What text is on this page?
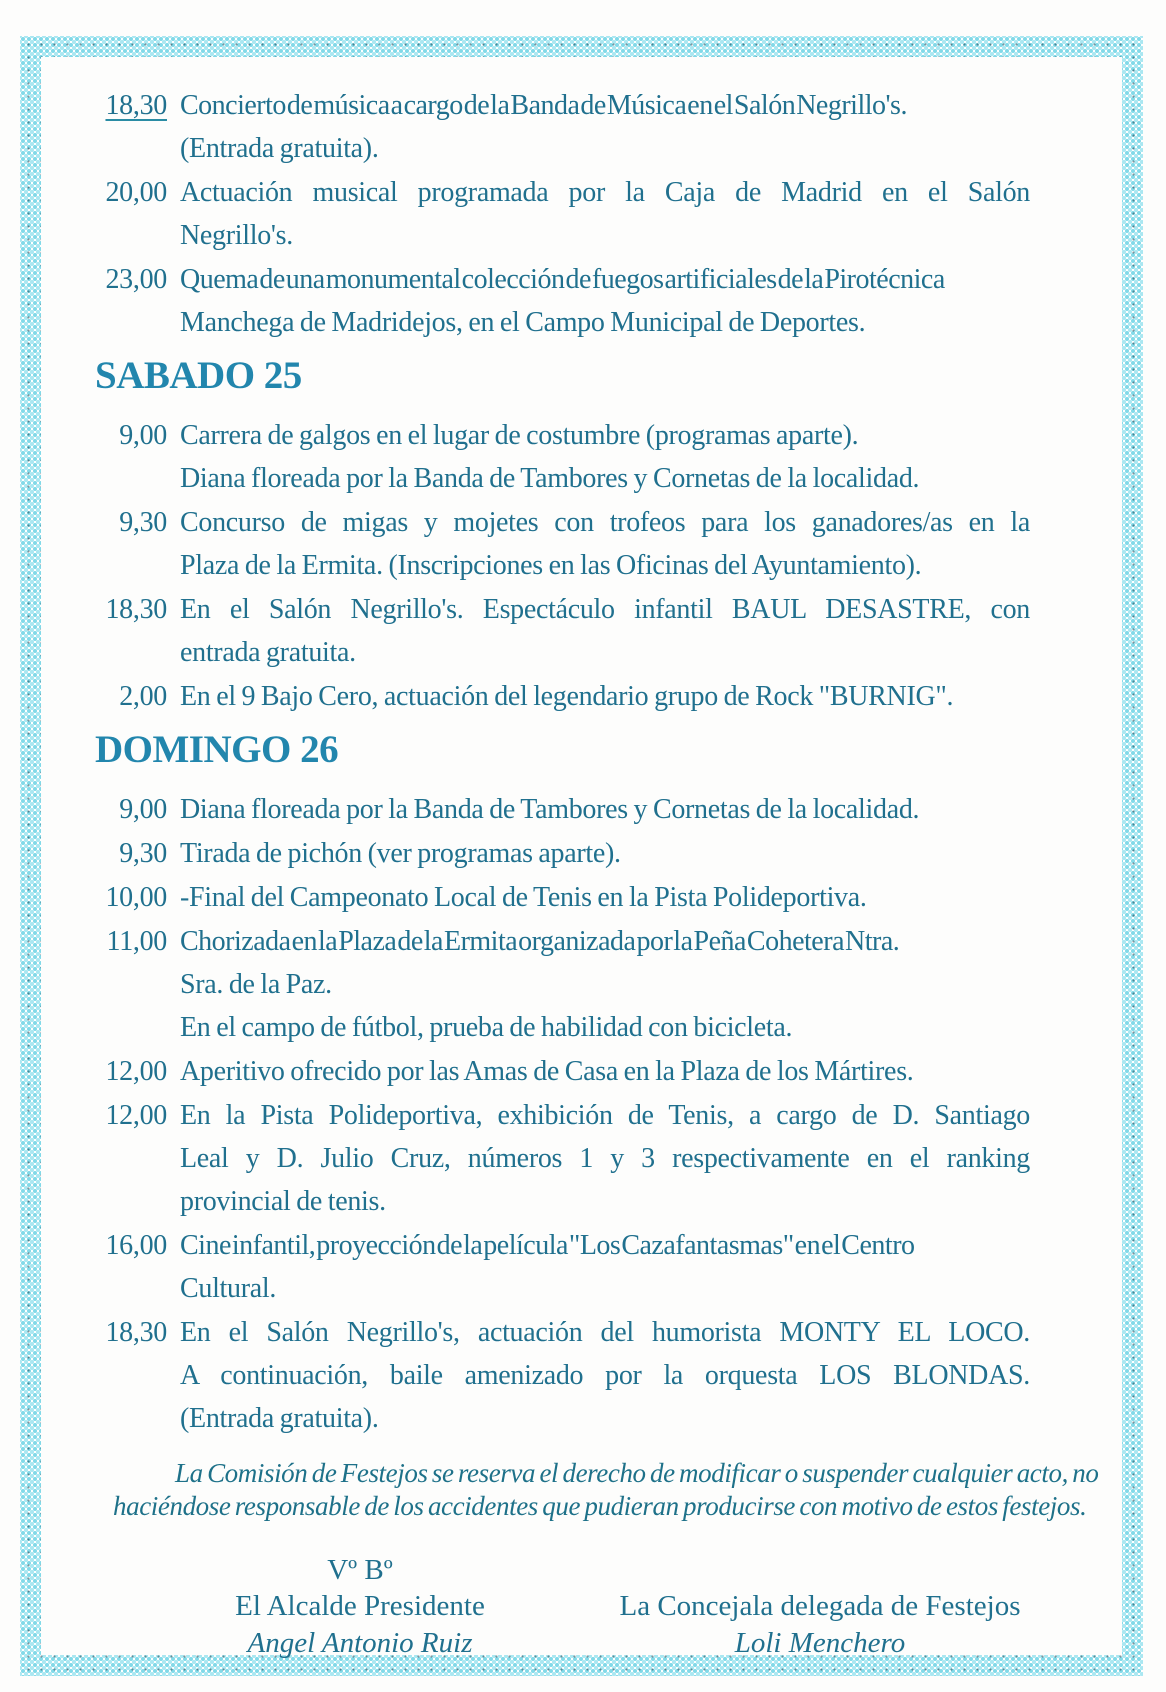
18,30 Concierto de música a cargo de la Banda de Música en el Salón Negrillo's.
(Entrada gratuita).
20,00 Actuación musical programada por la Caja de Madrid en el Salón
Negrillo's.
23,00 Quema de una monumental colección de fuegos artificiales de la Pirotécnica
Manchega de Madridejos, en el Campo Municipal de Deportes.
SABADO 25
9,00 Carrera de galgos en el lugar de costumbre (programas aparte).
Diana floreada por la Banda de Tambores y Cornetas de la localidad.
9,30 Concurso de migas y mojetes con trofeos para los ganadores/as en la
Plaza de la Ermita. (Inscripciones en las Oficinas del Ayuntamiento).
18,30 En el Salón Negrillo's. Espectáculo infantil BAUL DESASTRE, con
entrada gratuita.
2,00 En el 9 Bajo Cero, actuación del legendario grupo de Rock "BURNIG".
DOMINGO 26
9,00 Diana floreada por la Banda de Tambores y Cornetas de la localidad.
9,30 Tirada de pichón (ver programas aparte).
10,00 -Final del Campeonato Local de Tenis en la Pista Polideportiva.
11,00 Chorizada en la Plaza de la Ermita organizada por la Peña Cohetera Ntra.
Sra. de la Paz.
En el campo de fútbol, prueba de habilidad con bicicleta.
12,00 Aperitivo ofrecido por las Amas de Casa en la Plaza de los Mártires.
12,00 En la Pista Polideportiva, exhibición de Tenis, a cargo de D. Santiago
Leal y D. Julio Cruz, números 1 y 3 respectivamente en el ranking
provincial de tenis.
16,00 Cine infantil, proyección de la película "Los Cazafantasmas" en el Centro
Cultural.
18,30 En el Salón Negrillo's, actuación del humorista MONTY EL LOCO.
A continuación, baile amenizado por la orquesta LOS BLONDAS.
(Entrada gratuita).
La Comisión de Festejos se reserva el derecho de modificar o suspender cualquier acto, no
haciéndose responsable de los accidentes que pudieran producirse con motivo de estos festejos.
Vº Bº
El Alcalde Presidente
Angel Antonio Ruiz
La Concejala delegada de Festejos
Loli Menchero
